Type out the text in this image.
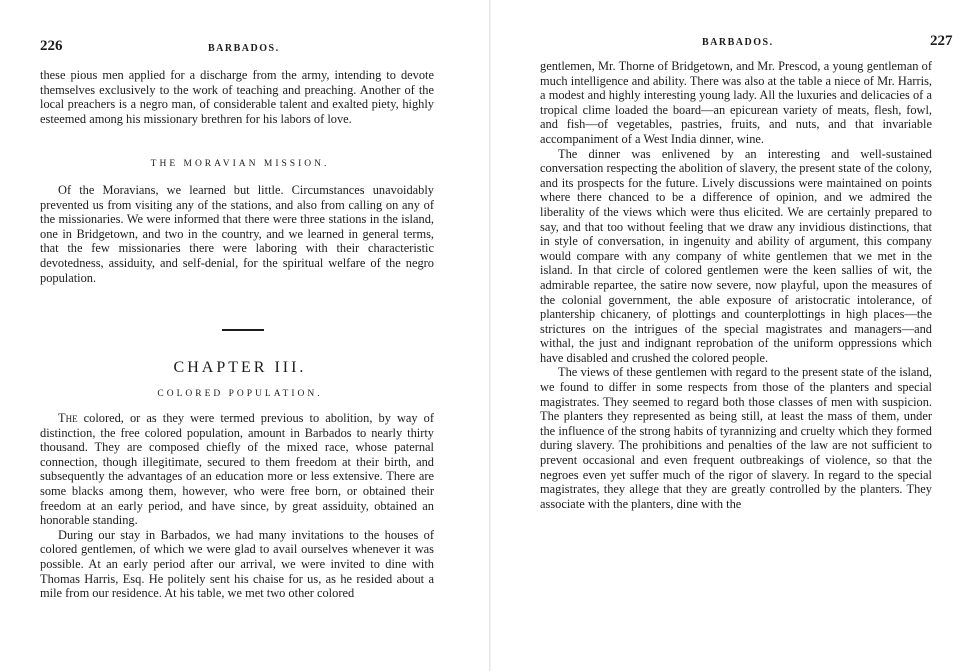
226	BARBADOS.

these pious men applied for a discharge from the army, intending to devote themselves exclusively to the work of teaching and preaching. Another of the local preachers is a negro man, of considerable talent and exalted piety, highly esteemed among his missionary brethren for his labors of love.

THE MORAVIAN MISSION.

Of the Moravians, we learned but little. Circumstances unavoidably prevented us from visiting any of the stations, and also from calling on any of the missionaries. We were informed that there were three stations in the island, one in Bridgetown, and two in the country, and we learned in general terms, that the few missionaries there were laboring with their characteristic devotedness, assiduity, and self-denial, for the spiritual welfare of the negro population.

CHAPTER III.
COLORED POPULATION.

The colored, or as they were termed previous to abolition, by way of distinction, the free colored population, amount in Barbados to nearly thirty thousand. They are composed chiefly of the mixed race, whose paternal connection, though illegitimate, secured to them freedom at their birth, and subsequently the advantages of an education more or less extensive. There are some blacks among them, however, who were free born, or obtained their freedom at an early period, and have since, by great assiduity, obtained an honorable standing.

During our stay in Barbados, we had many invitations to the houses of colored gentlemen, of which we were glad to avail ourselves whenever it was possible. At an early period after our arrival, we were invited to dine with Thomas Harris, Esq. He politely sent his chaise for us, as he resided about a mile from our residence. At his table, we met two other colored

BARBADOS.	227

gentlemen, Mr. Thorne of Bridgetown, and Mr. Prescod, a young gentleman of much intelligence and ability. There was also at the table a niece of Mr. Harris, a modest and highly interesting young lady. All the luxuries and delicacies of a tropical clime loaded the board—an epicurean variety of meats, flesh, fowl, and fish—of vegetables, pastries, fruits, and nuts, and that invariable accompaniment of a West India dinner, wine.

The dinner was enlivened by an interesting and well-sustained conversation respecting the abolition of slavery, the present state of the colony, and its prospects for the future. Lively discussions were maintained on points where there chanced to be a difference of opinion, and we admired the liberality of the views which were thus elicited. We are certainly prepared to say, and that too without feeling that we draw any invidious distinctions, that in style of conversation, in ingenuity and ability of argument, this company would compare with any company of white gentlemen that we met in the island. In that circle of colored gentlemen were the keen sallies of wit, the admirable repartee, the satire now severe, now playful, upon the measures of the colonial government, the able exposure of aristocratic intolerance, of plantership chicanery, of plottings and counterplottings in high places—the strictures on the intrigues of the special magistrates and managers—and withal, the just and indignant reprobation of the uniform oppressions which have disabled and crushed the colored people.

The views of these gentlemen with regard to the present state of the island, we found to differ in some respects from those of the planters and special magistrates. They seemed to regard both those classes of men with suspicion. The planters they represented as being still, at least the mass of them, under the influence of the strong habits of tyrannizing and cruelty which they formed during slavery. The prohibitions and penalties of the law are not sufficient to prevent occasional and even frequent outbreakings of violence, so that the negroes even yet suffer much of the rigor of slavery. In regard to the special magistrates, they allege that they are greatly controlled by the planters. They associate with the planters, dine with the
